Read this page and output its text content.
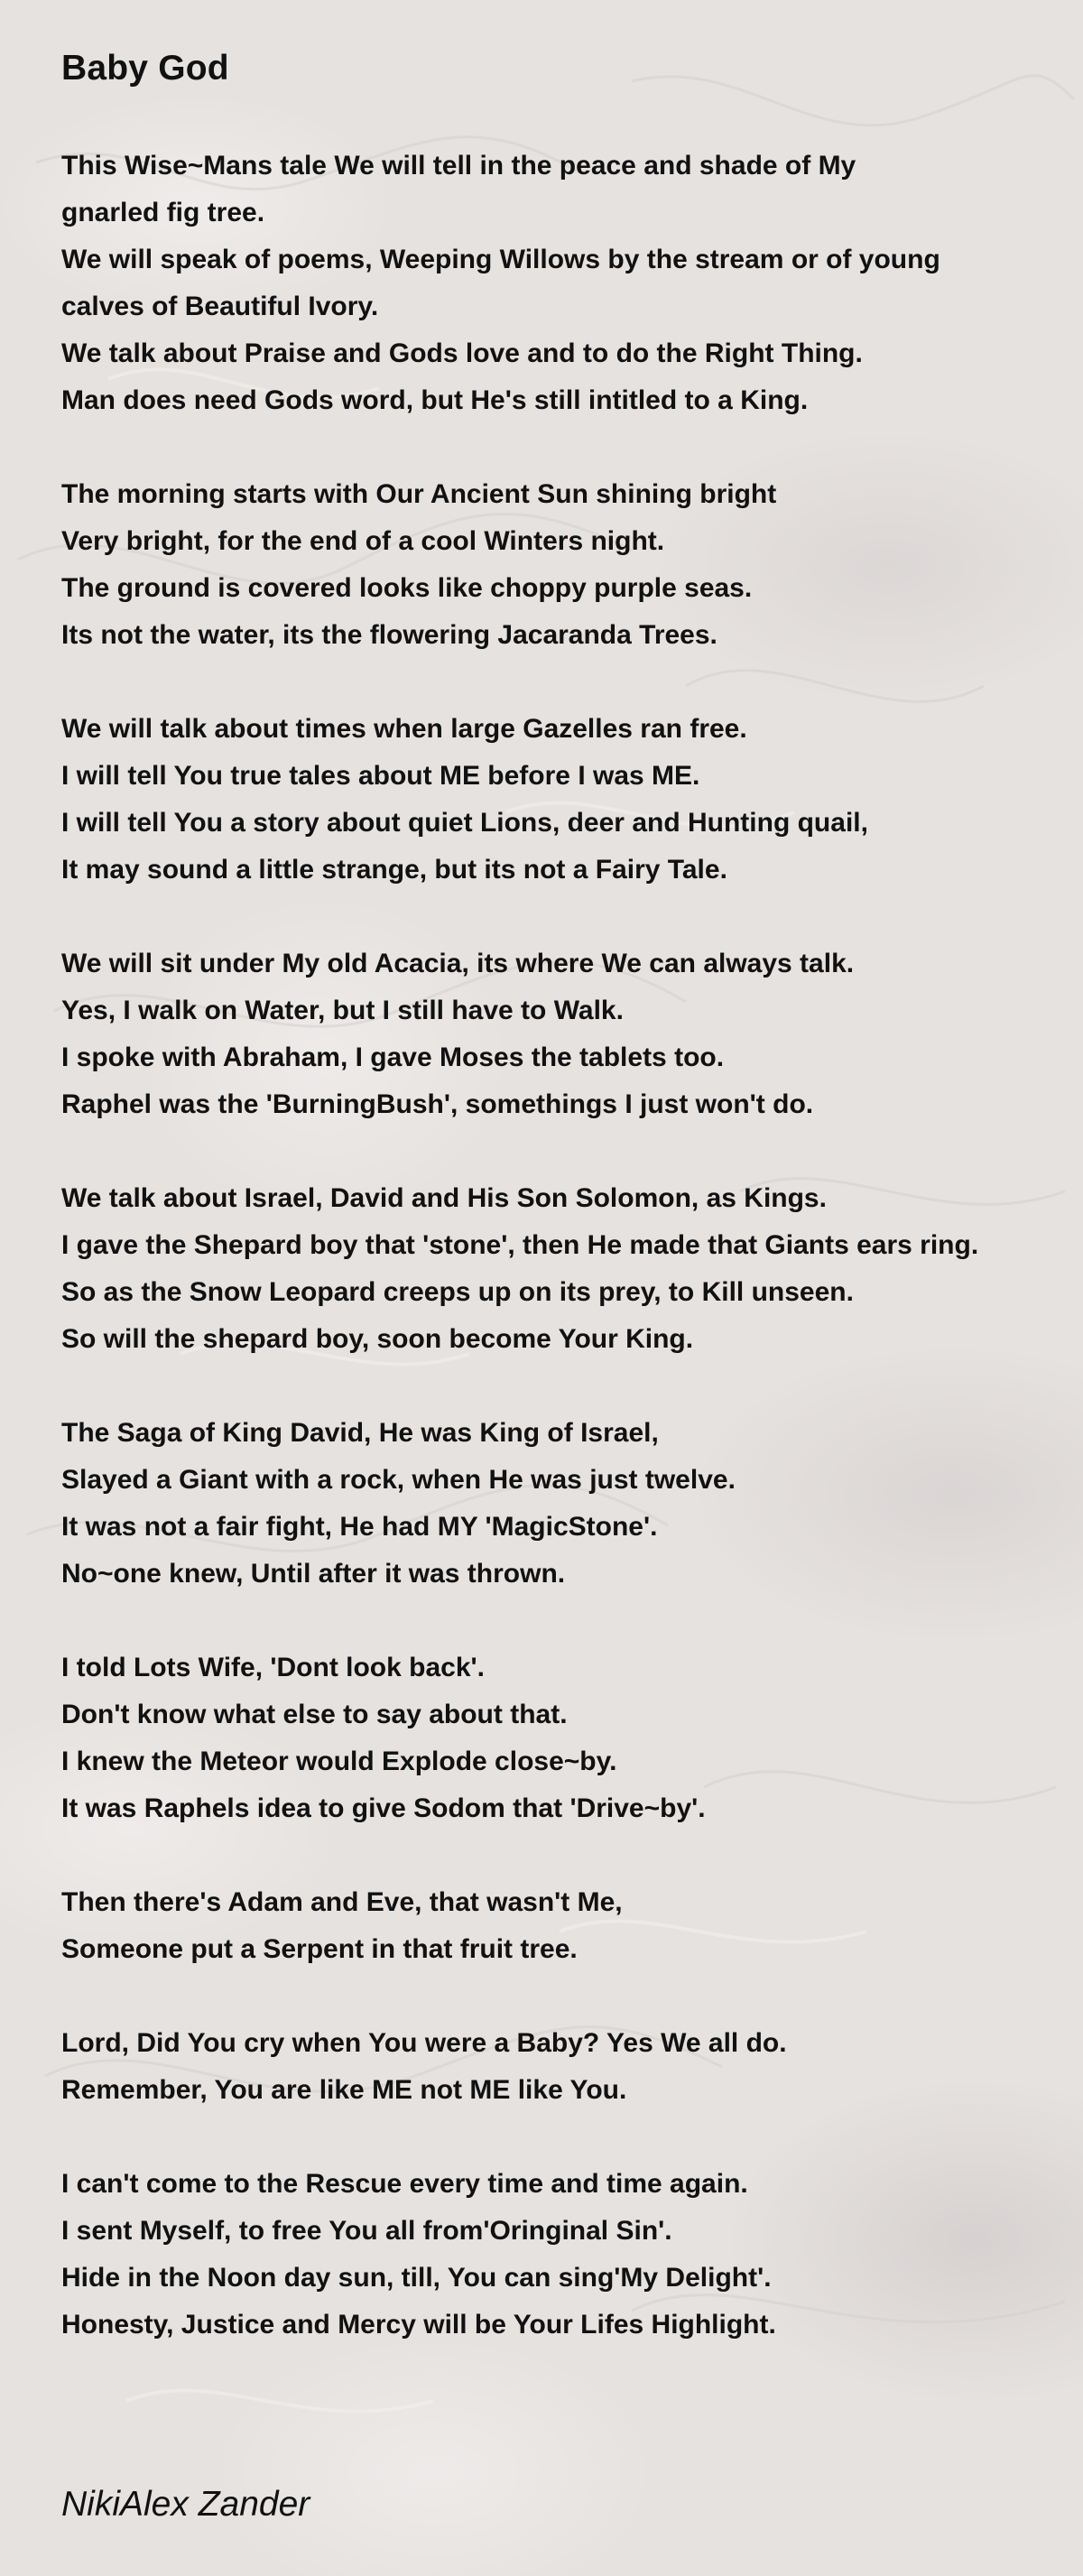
Baby God
This Wise~Mans tale We will tell in the peace and shade of My
gnarled fig tree.
We will speak of poems, Weeping Willows by the stream or of young
calves of Beautiful Ivory.
We talk about Praise and Gods love and to do the Right Thing.
Man does need Gods word, but He's still intitled to a King.
The morning starts with Our Ancient Sun shining bright
Very bright, for the end of a cool Winters night.
The ground is covered looks like choppy purple seas.
Its not the water, its the flowering Jacaranda Trees.
We will talk about times when large Gazelles ran free.
I will tell You true tales about ME before I was ME.
I will tell You a story about quiet Lions, deer and Hunting quail,
It may sound a little strange, but its not a Fairy Tale.
We will sit under My old Acacia, its where We can always talk.
Yes, I walk on Water, but I still have to Walk.
I spoke with Abraham, I gave Moses the tablets too.
Raphel was the 'BurningBush', somethings I just won't do.
We talk about Israel, David and His Son Solomon, as Kings.
I gave the Shepard boy that 'stone', then He made that Giants ears ring.
So as the Snow Leopard creeps up on its prey, to Kill unseen.
So will the shepard boy, soon become Your King.
The Saga of King David, He was King of Israel,
Slayed a Giant with a rock, when He was just twelve.
It was not a fair fight, He had MY 'MagicStone'.
No~one knew, Until after it was thrown.
I told Lots Wife, 'Dont look back'.
Don't know what else to say about that.
I knew the Meteor would Explode close~by.
It was Raphels idea to give Sodom that 'Drive~by'.
Then there's Adam and Eve, that wasn't Me,
Someone put a Serpent in that fruit tree.
Lord, Did You cry when You were a Baby? Yes We all do.
Remember, You are like ME not ME like You.
I can't come to the Rescue every time and time again.
I sent Myself, to free You all from'Oringinal Sin'.
Hide in the Noon day sun, till, You can sing'My Delight'.
Honesty, Justice and Mercy will be Your Lifes Highlight.
NikiAlex Zander
